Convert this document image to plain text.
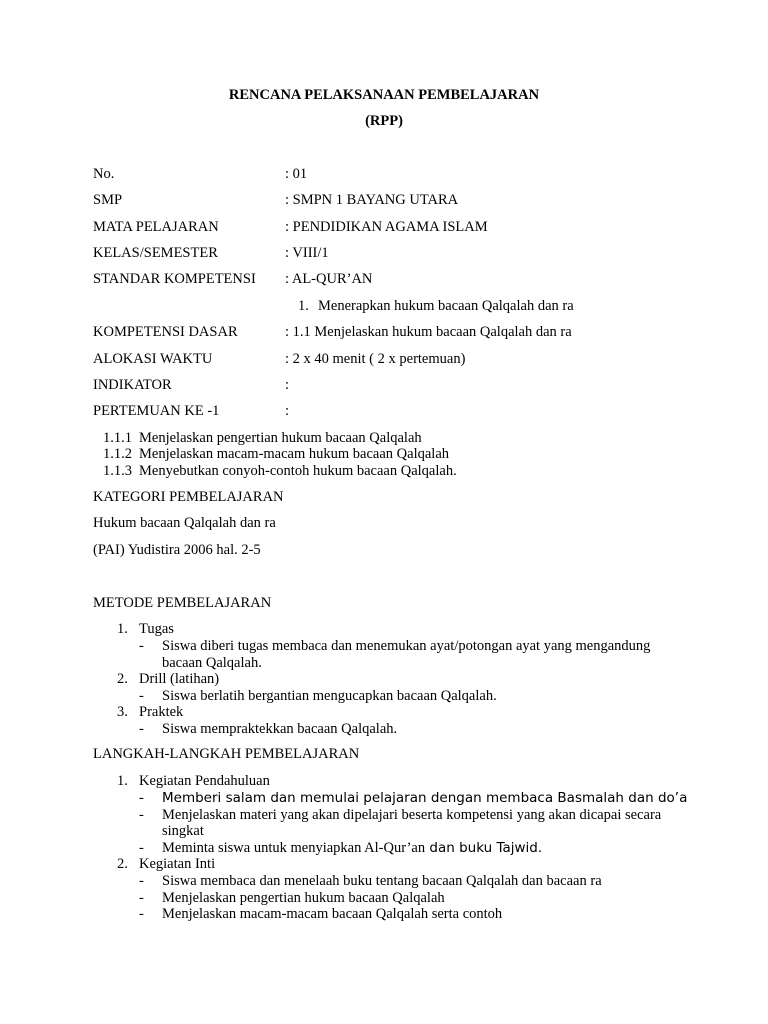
RENCANA PELAKSANAAN PEMBELAJARAN
(RPP)
No.	: 01
SMP	: SMPN 1 BAYANG UTARA
MATA PELAJARAN	: PENDIDIKAN AGAMA ISLAM
KELAS/SEMESTER	: VIII/1
STANDAR KOMPETENSI : AL-QUR’AN
1. Menerapkan hukum bacaan Qalqalah dan ra
KOMPETENSI DASAR	: 1.1 Menjelaskan hukum bacaan Qalqalah dan ra
ALOKASI WAKTU	: 2 x 40 menit ( 2 x pertemuan)
INDIKATOR	:
PERTEMUAN KE -1	:
1.1.1 Menjelaskan pengertian hukum bacaan Qalqalah
1.1.2 Menjelaskan macam-macam hukum bacaan Qalqalah
1.1.3 Menyebutkan conyoh-contoh hukum bacaan Qalqalah.
KATEGORI PEMBELAJARAN
Hukum bacaan Qalqalah dan ra
(PAI) Yudistira 2006 hal. 2-5
METODE PEMBELAJARAN
1. Tugas
- Siswa diberi tugas membaca dan menemukan ayat/potongan ayat yang mengandung
bacaan Qalqalah.
2. Drill (latihan)
- Siswa berlatih bergantian mengucapkan bacaan Qalqalah.
3. Praktek
- Siswa mempraktekkan bacaan Qalqalah.
LANGKAH-LANGKAH PEMBELAJARAN
1. Kegiatan Pendahuluan
- Memberi salam dan memulai pelajaran dengan membaca Basmalah dan do’a
- Menjelaskan materi yang akan dipelajari beserta kompetensi yang akan dicapai secara
singkat
- Meminta siswa untuk menyiapkan Al-Qur’an dan buku Tajwid.
2. Kegiatan Inti
- Siswa membaca dan menelaah buku tentang bacaan Qalqalah dan bacaan ra
- Menjelaskan pengertian hukum bacaan Qalqalah
- Menjelaskan macam-macam bacaan Qalqalah serta contoh
